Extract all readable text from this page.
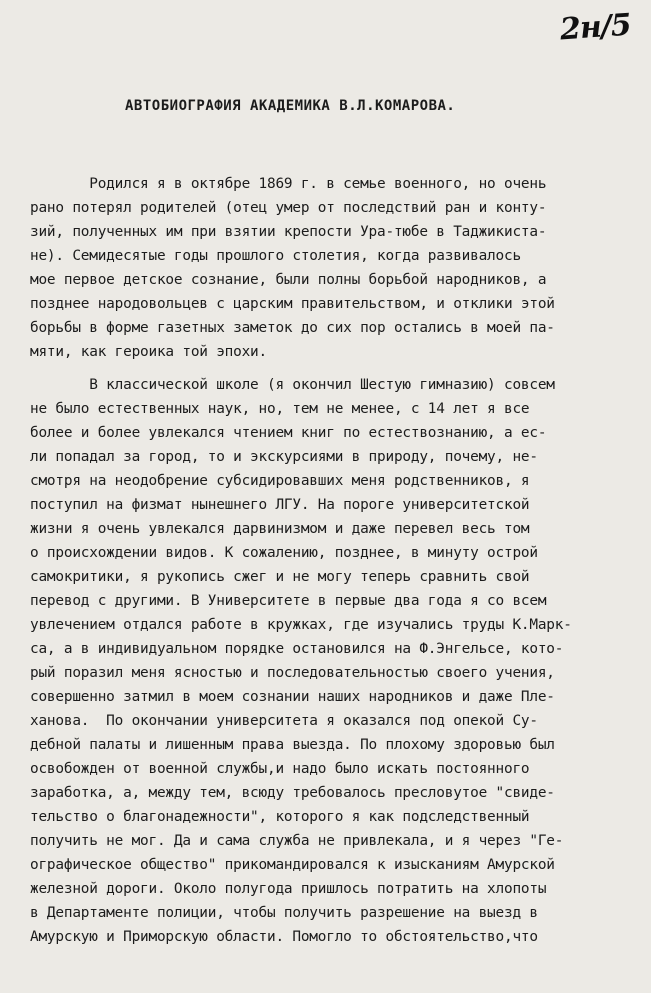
2н/5
АВТОБИОГРАФИЯ АКАДЕМИКА В.Л.КОМАРОВА.
Родился я в октябре 1869 г. в семье военного, но очень
рано потерял родителей (отец умер от последствий ран и конту-
зий, полученных им при взятии крепости Ура-тюбе в Таджикиста-
не). Семидесятые годы прошлого столетия, когда развивалось
мое первое детское сознание, были полны борьбой народников, а
позднее народовольцев с царским правительством, и отклики этой
борьбы в форме газетных заметок до сих пор остались в моей па-
мяти, как героика той эпохи.
В классической школе (я окончил Шестую гимназию) совсем
не было естественных наук, но, тем не менее, с 14 лет я все
более и более увлекался чтением книг по естествознанию, а ес-
ли попадал за город, то и экскурсиями в природу, почему, не-
смотря на неодобрение субсидировавших меня родственников, я
поступил на физмат нынешнего ЛГУ. На пороге университетской
жизни я очень увлекался дарвинизмом и даже перевел весь том
о происхождении видов. К сожалению, позднее, в минуту острой
самокритики, я рукопись сжег и не могу теперь сравнить свой
перевод с другими. В Университете в первые два года я со всем
увлечением отдался работе в кружках, где изучались труды К.Марк-
са, а в индивидуальном порядке остановился на Ф.Энгельсе, кото-
рый поразил меня ясностью и последовательностью своего учения,
совершенно затмил в моем сознании наших народников и даже Пле-
ханова.  По окончании университета я оказался под опекой Су-
дебной палаты и лишенным права выезда. По плохому здоровью был
освобожден от военной службы,и надо было искать постоянного
заработка, а, между тем, всюду требовалось пресловутое "свиде-
тельство о благонадежности", которого я как подследственный
получить не мог. Да и сама служба не привлекала, и я через "Ге-
ографическое общество" прикомандировался к изысканиям Амурской
железной дороги. Около полугода пришлось потратить на хлопоты
в Департаменте полиции, чтобы получить разрешение на выезд в
Амурскую и Приморскую области. Помогло то обстоятельство,что
